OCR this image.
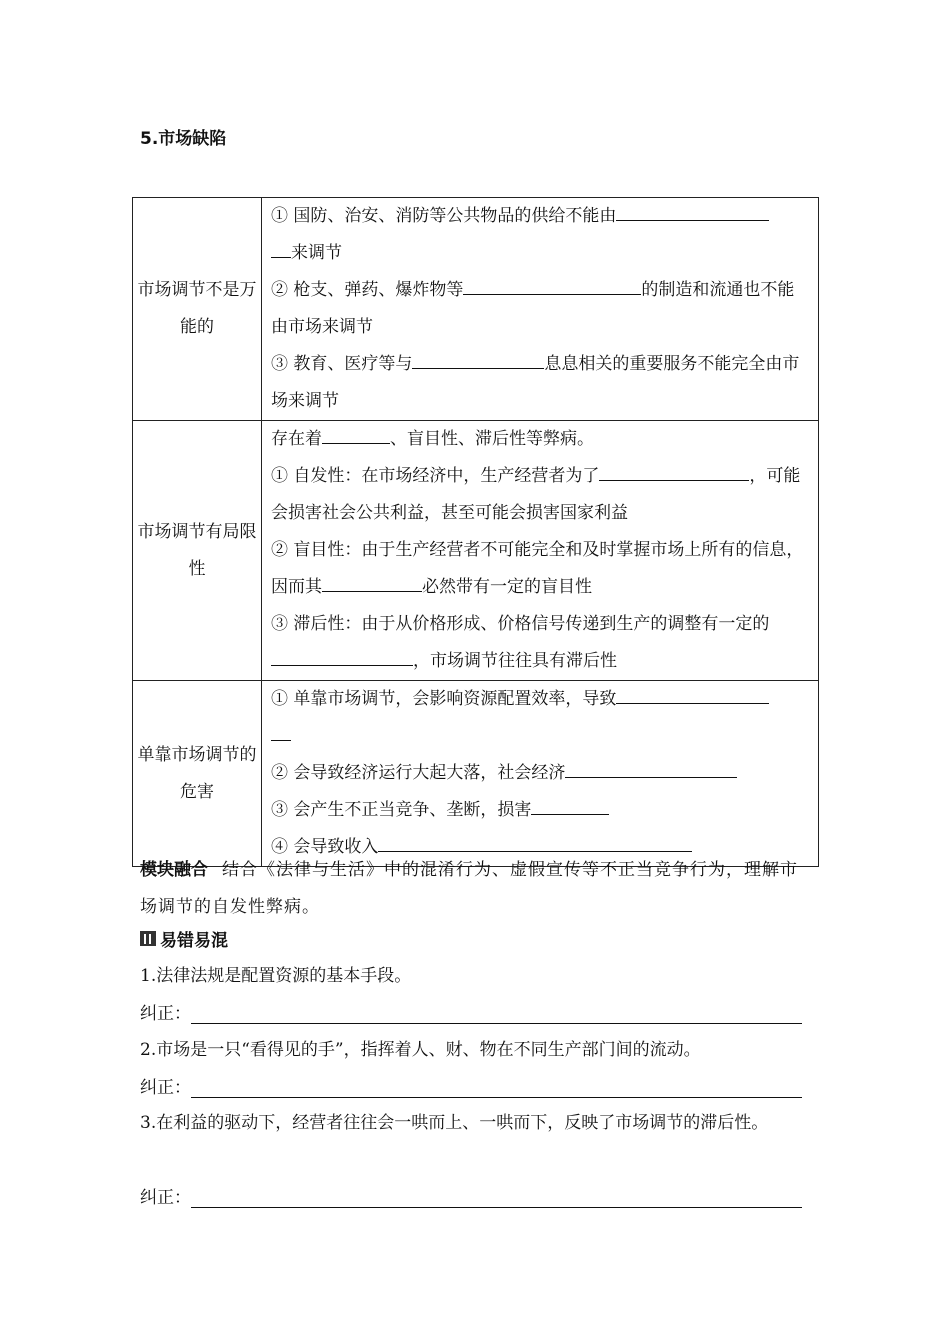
5.市场缺陷
市场调节不是万能的	① 国防、治安、消防等公共物品的供给不能由
来调节
② 枪支、弹药、爆炸物等 的制造和流通也不能由市场来调节
③ 教育、医疗等与 息息相关的重要服务不能完全由市场来调节

市场调节有局限性	存在着 、盲目性、滞后性等弊病。
① 自发性：在市场经济中，生产经营者为了 ，可能会损害社会公共利益，甚至可能会损害国家利益
② 盲目性：由于生产经营者不可能完全和及时掌握市场上所有的信息，因而其 必然带有一定的盲目性
③ 滞后性：由于从价格形成、价格信号传递到生产的调整有一定的，市场调节往往具有滞后性

单靠市场调节的危害	① 单靠市场调节，会影响资源配置效率，导致

② 会导致经济运行大起大落，社会经济
③ 会产生不正当竞争、垄断，损害
④ 会导致收入
模块融合 结合《法律与生活》中的混淆行为、虚假宣传等不正当竞争行为，理解市场调节的自发性弊病。
易错易混
1.法律法规是配置资源的基本手段。
纠正：
2.市场是一只“看得见的手”，指挥着人、财、物在不同生产部门间的流动。
纠正：
3.在利益的驱动下，经营者往往会一哄而上、一哄而下，反映了市场调节的滞后性。
纠正：
